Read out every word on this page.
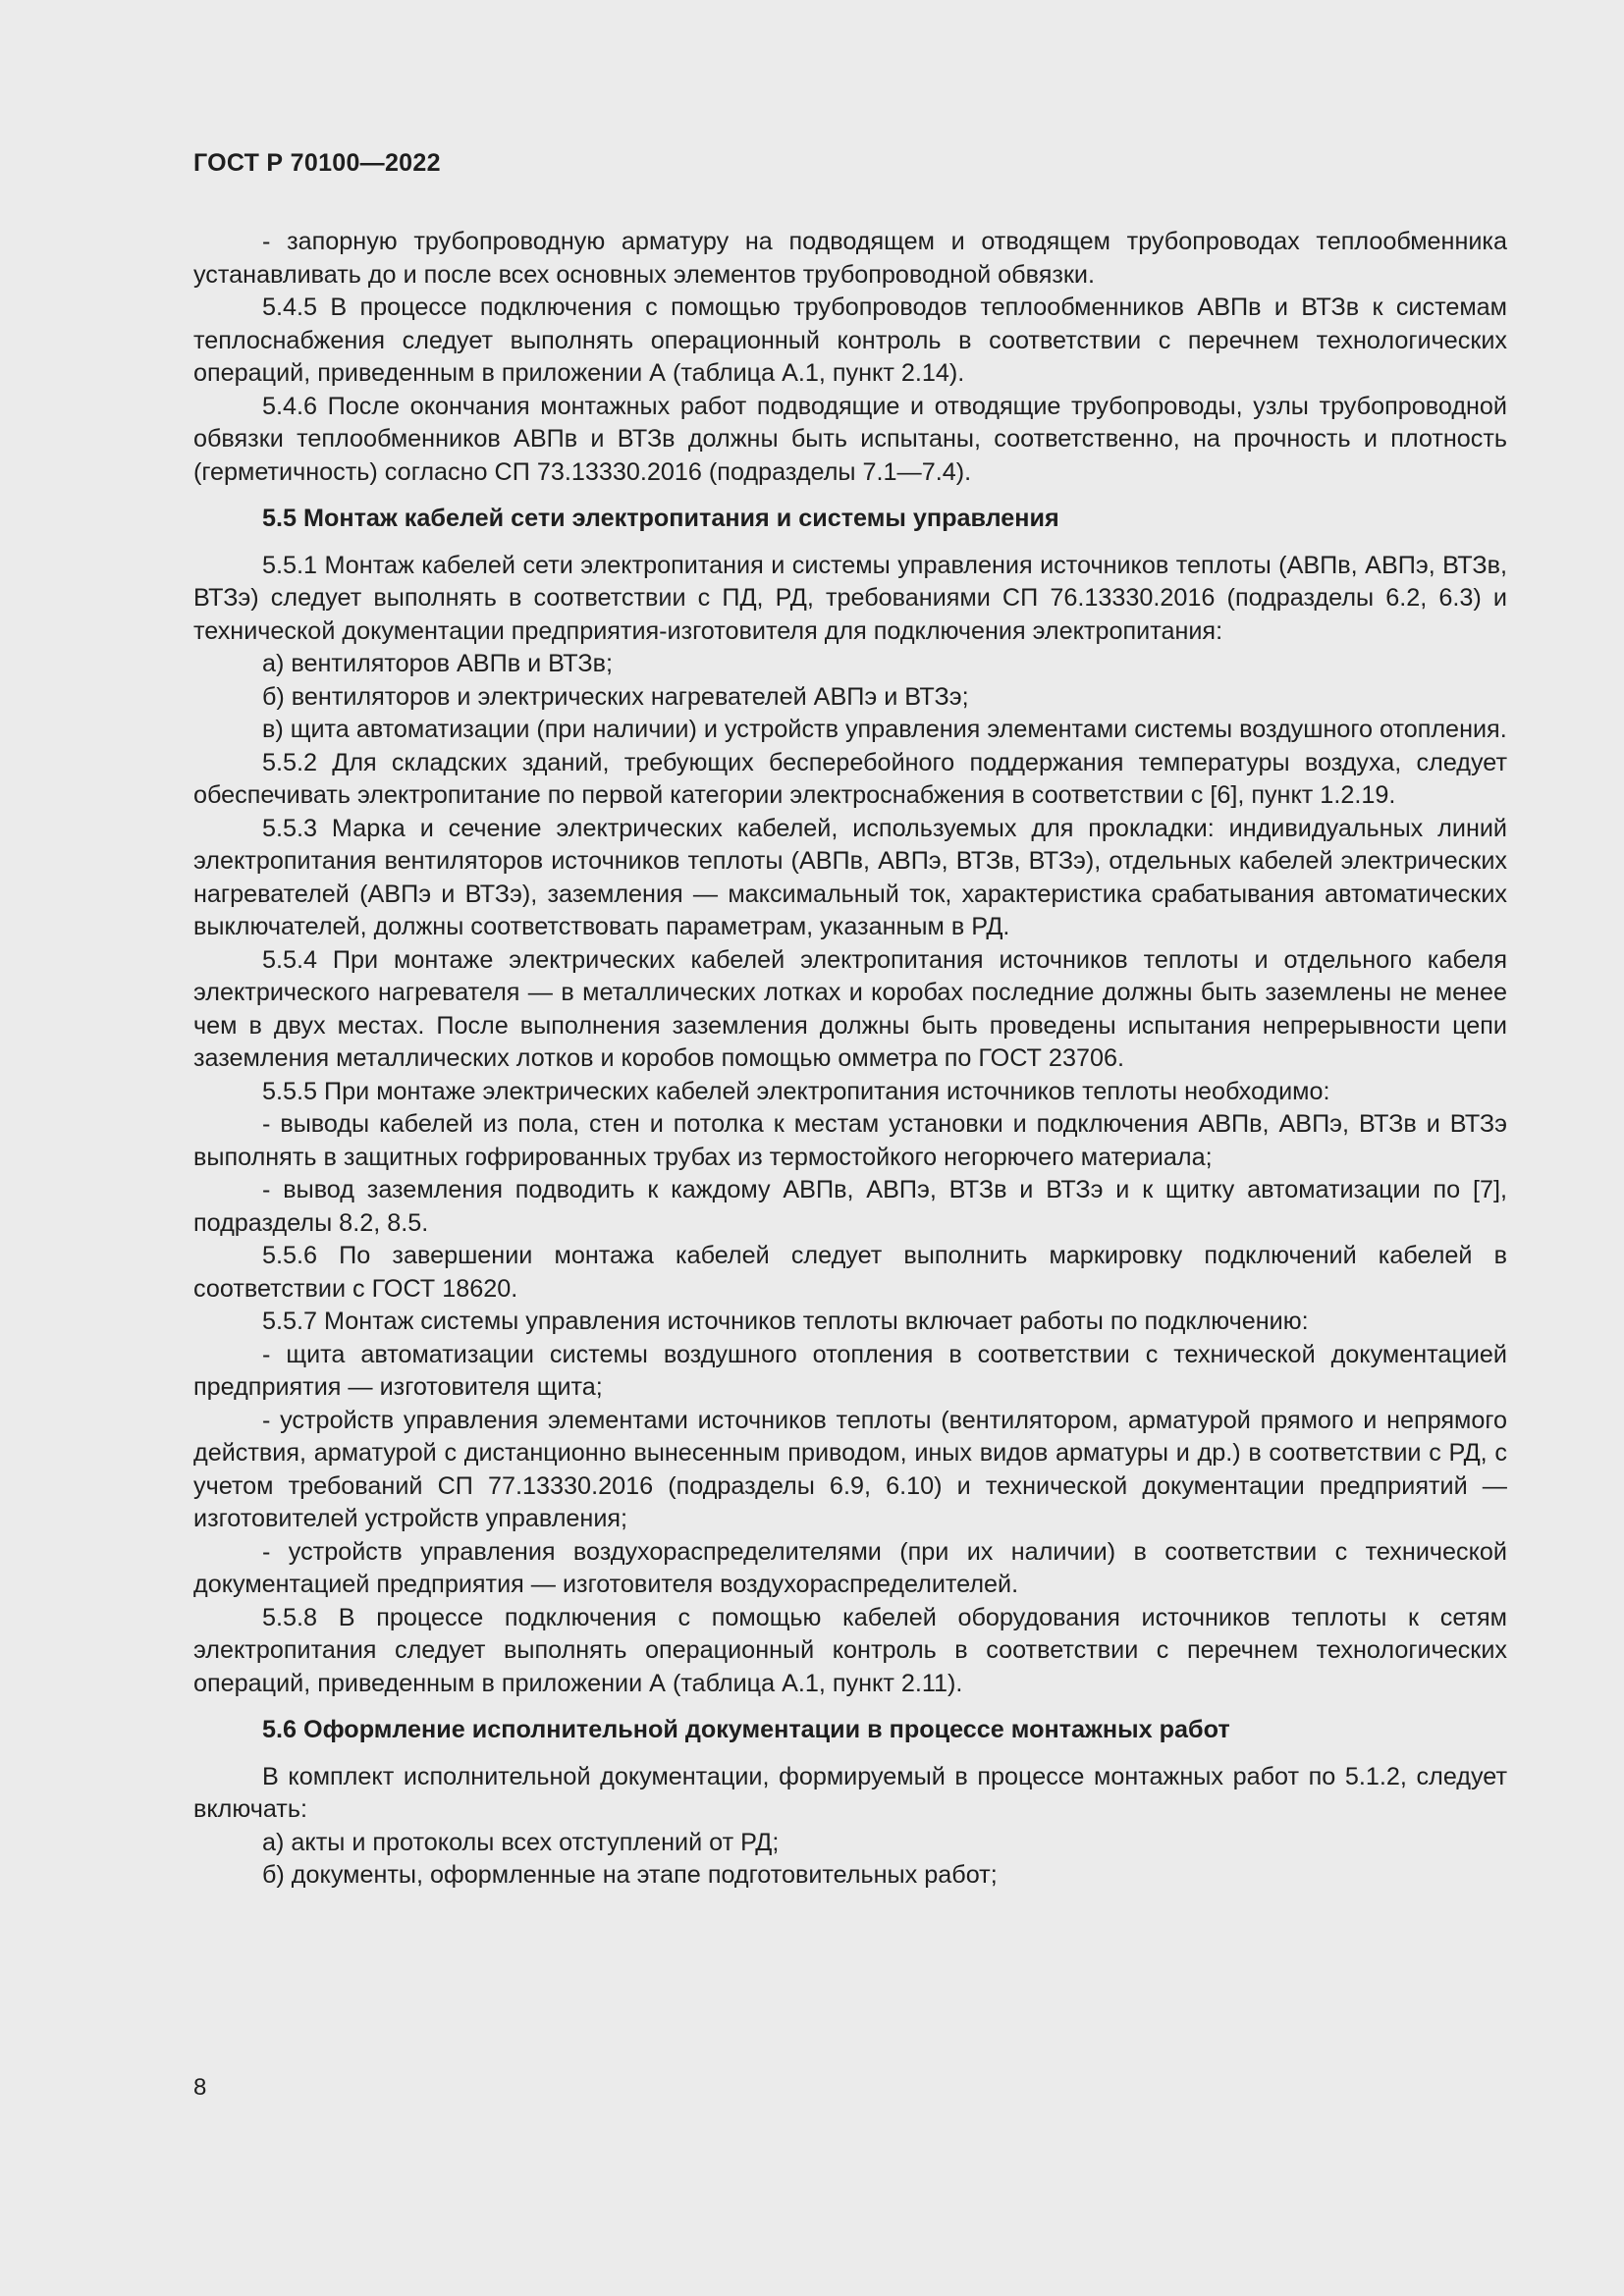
ГОСТ Р 70100—2022

- запорную трубопроводную арматуру на подводящем и отводящем трубопроводах теплообменника устанавливать до и после всех основных элементов трубопроводной обвязки.

5.4.5 В процессе подключения с помощью трубопроводов теплообменников АВПв и ВТЗв к системам теплоснабжения следует выполнять операционный контроль в соответствии с перечнем технологических операций, приведенным в приложении А (таблица А.1, пункт 2.14).

5.4.6 После окончания монтажных работ подводящие и отводящие трубопроводы, узлы трубопроводной обвязки теплообменников АВПв и ВТЗв должны быть испытаны, соответственно, на прочность и плотность (герметичность) согласно СП 73.13330.2016 (подразделы 7.1—7.4).

5.5 Монтаж кабелей сети электропитания и системы управления

5.5.1 Монтаж кабелей сети электропитания и системы управления источников теплоты (АВПв, АВПэ, ВТЗв, ВТЗэ) следует выполнять в соответствии с ПД, РД, требованиями СП 76.13330.2016 (подразделы 6.2, 6.3) и технической документации предприятия-изготовителя для подключения электропитания:

а) вентиляторов АВПв и ВТЗв;

б) вентиляторов и электрических нагревателей АВПэ и ВТЗэ;

в) щита автоматизации (при наличии) и устройств управления элементами системы воздушного отопления.

5.5.2 Для складских зданий, требующих бесперебойного поддержания температуры воздуха, следует обеспечивать электропитание по первой категории электроснабжения в соответствии с [6], пункт 1.2.19.

5.5.3 Марка и сечение электрических кабелей, используемых для прокладки: индивидуальных линий электропитания вентиляторов источников теплоты (АВПв, АВПэ, ВТЗв, ВТЗэ), отдельных кабелей электрических нагревателей (АВПэ и ВТЗэ), заземления — максимальный ток, характеристика срабатывания автоматических выключателей, должны соответствовать параметрам, указанным в РД.

5.5.4 При монтаже электрических кабелей электропитания источников теплоты и отдельного кабеля электрического нагревателя — в металлических лотках и коробах последние должны быть заземлены не менее чем в двух местах. После выполнения заземления должны быть проведены испытания непрерывности цепи заземления металлических лотков и коробов помощью омметра по ГОСТ 23706.

5.5.5 При монтаже электрических кабелей электропитания источников теплоты необходимо:

- выводы кабелей из пола, стен и потолка к местам установки и подключения АВПв, АВПэ, ВТЗв и ВТЗэ выполнять в защитных гофрированных трубах из термостойкого негорючего материала;

- вывод заземления подводить к каждому АВПв, АВПэ, ВТЗв и ВТЗэ и к щитку автоматизации по [7], подразделы 8.2, 8.5.

5.5.6 По завершении монтажа кабелей следует выполнить маркировку подключений кабелей в соответствии с ГОСТ 18620.

5.5.7 Монтаж системы управления источников теплоты включает работы по подключению:

- щита автоматизации системы воздушного отопления в соответствии с технической документацией предприятия — изготовителя щита;

- устройств управления элементами источников теплоты (вентилятором, арматурой прямого и непрямого действия, арматурой с дистанционно вынесенным приводом, иных видов арматуры и др.) в соответствии с РД, с учетом требований СП 77.13330.2016 (подразделы 6.9, 6.10) и технической документации предприятий — изготовителей устройств управления;

- устройств управления воздухораспределителями (при их наличии) в соответствии с технической документацией предприятия — изготовителя воздухораспределителей.

5.5.8 В процессе подключения с помощью кабелей оборудования источников теплоты к сетям электропитания следует выполнять операционный контроль в соответствии с перечнем технологических операций, приведенным в приложении А (таблица А.1, пункт 2.11).

5.6 Оформление исполнительной документации в процессе монтажных работ

В комплект исполнительной документации, формируемый в процессе монтажных работ по 5.1.2, следует включать:

а) акты и протоколы всех отступлений от РД;

б) документы, оформленные на этапе подготовительных работ;

8
